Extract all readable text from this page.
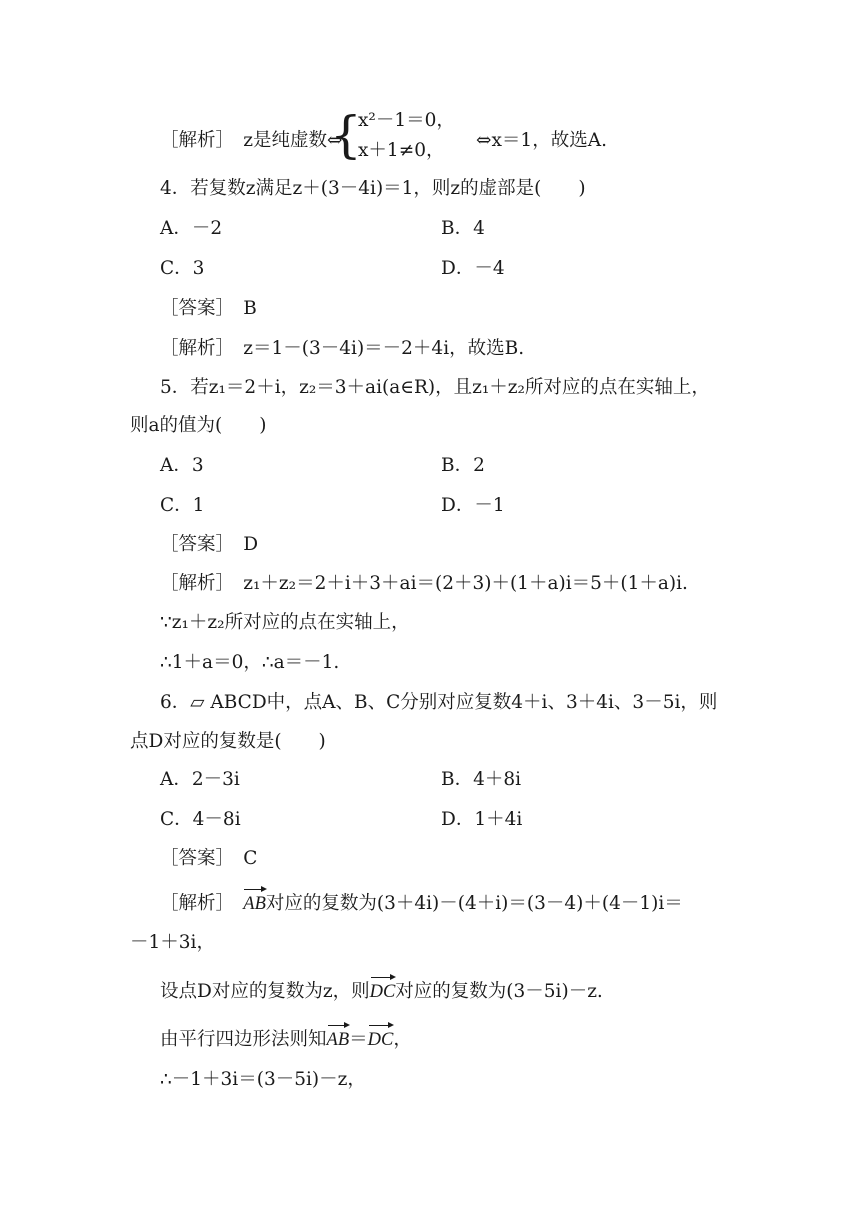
［解析］　z是纯虚数⇔
{
x²－1＝0，
x＋1≠0， ⇔x＝1，故选A.
4．若复数z满足z＋(3－4i)＝1，则z的虚部是(　　)
A．－2	B．4
C．3	D．－4
［答案］　B
［解析］　z＝1－(3－4i)＝－2＋4i，故选B.
5．若z₁＝2＋i，z₂＝3＋ai(a∈R)，且z₁＋z₂所对应的点在实轴上，
则a的值为(　　)
A．3	B．2
C．1	D．－1
［答案］　D
［解析］　z₁＋z₂＝2＋i＋3＋ai＝(2＋3)＋(1＋a)i＝5＋(1＋a)i.
∵z₁＋z₂所对应的点在实轴上，
∴1＋a＝0，∴a＝－1.
6．▱ ABCD中，点A、B、C分别对应复数4＋i、3＋4i、3－5i，则
点D对应的复数是(　　)
A．2－3i	B．4＋8i
C．4－8i	D．1＋4i
［答案］　C
［解析］　AB对应的复数为(3＋4i)－(4＋i)＝(3－4)＋(4－1)i＝
－1＋3i，
设点D对应的复数为z，则DC对应的复数为(3－5i)－z.
由平行四边形法则知AB＝DC，
∴－1＋3i＝(3－5i)－z，
